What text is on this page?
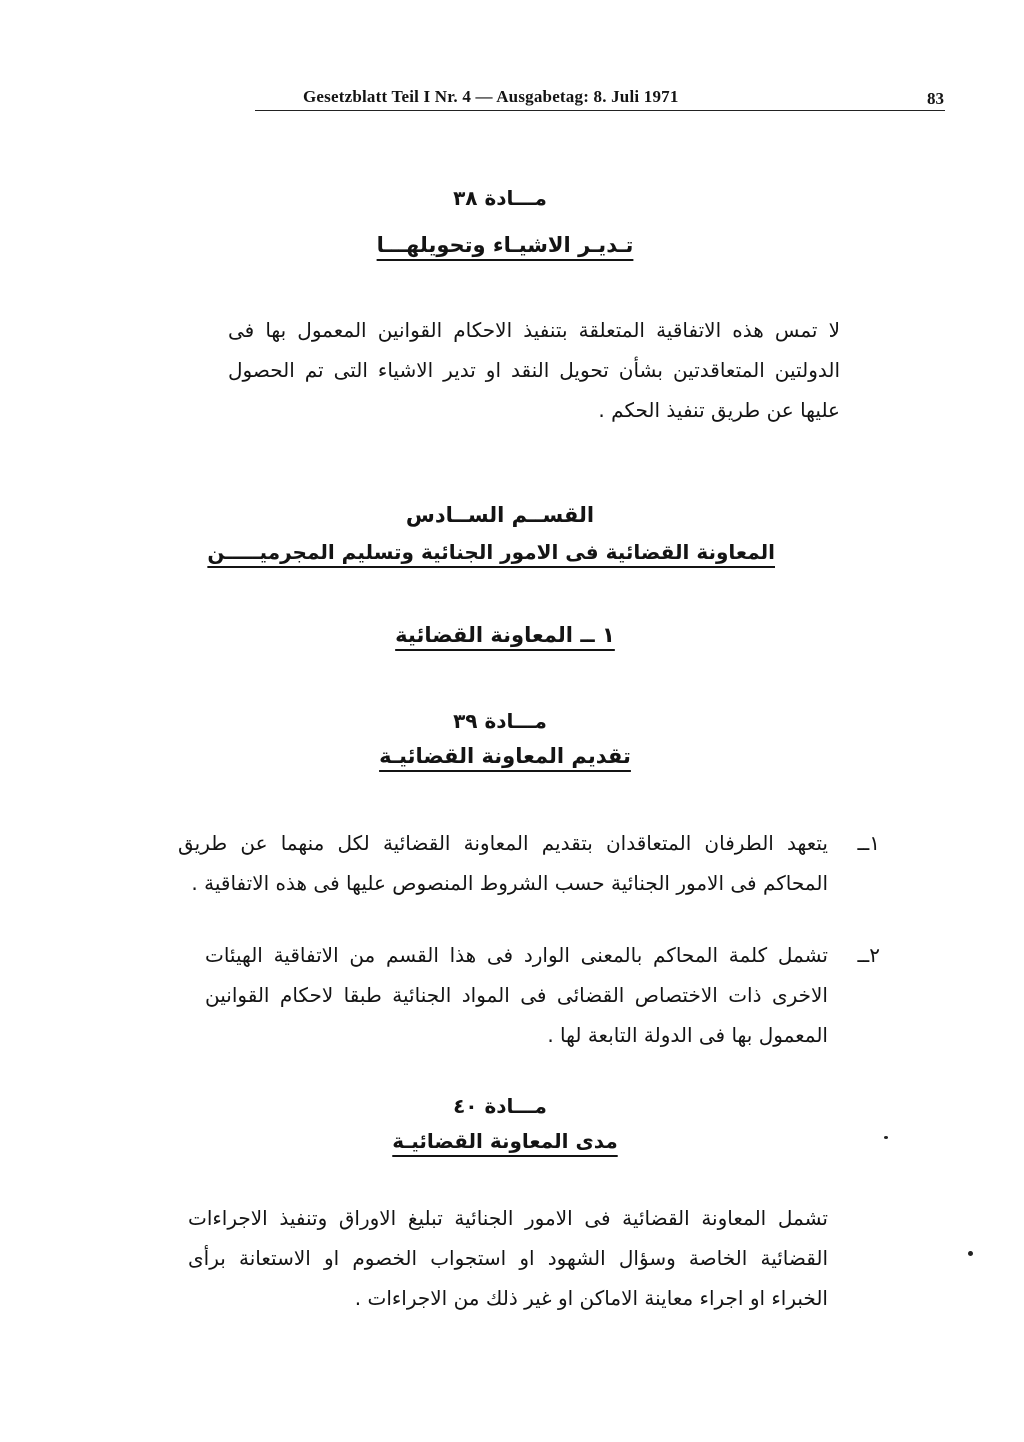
Gesetzblatt Teil I Nr. 4 — Ausgabetag: 8. Juli 1971	83
مـــادة ٣٨
تـديـر الاشيـاء وتحويلهـــا
لا تمس هذه الاتفاقية المتعلقة بتنفيذ الاحكام القوانين المعمول بها فى الدولتين المتعاقدتين بشأن تحويل النقد او تدير الاشياء التى تم الحصول عليها عن طريق تنفيذ الحكم .
القســم الســادس
المعاونة القضائية فى الامور الجنائية وتسليم المجرميـــــن
١ ــ المعاونة القضائية
مـــادة ٣٩
تقديم المعاونة القضائيـة
١ــ
يتعهد الطرفان المتعاقدان بتقديم المعاونة القضائية لكل منهما عن طريق المحاكم فى الامور الجنائية حسب الشروط المنصوص عليها فى هذه الاتفاقية .
٢ــ
تشمل كلمة المحاكم بالمعنى الوارد فى هذا القسم من الاتفاقية الهيئات الاخرى ذات الاختصاص القضائى فى المواد الجنائية طبقا لاحكام القوانين المعمول بها فى الدولة التابعة لها .
مـــادة ٤٠
مدى المعاونة القضائيـة
تشمل المعاونة القضائية فى الامور الجنائية تبليغ الاوراق وتنفيذ الاجراءات القضائية الخاصة وسؤال الشهود او استجواب الخصوم او الاستعانة برأى الخبراء او اجراء معاينة الاماكن او غير ذلك من الاجراءات .
